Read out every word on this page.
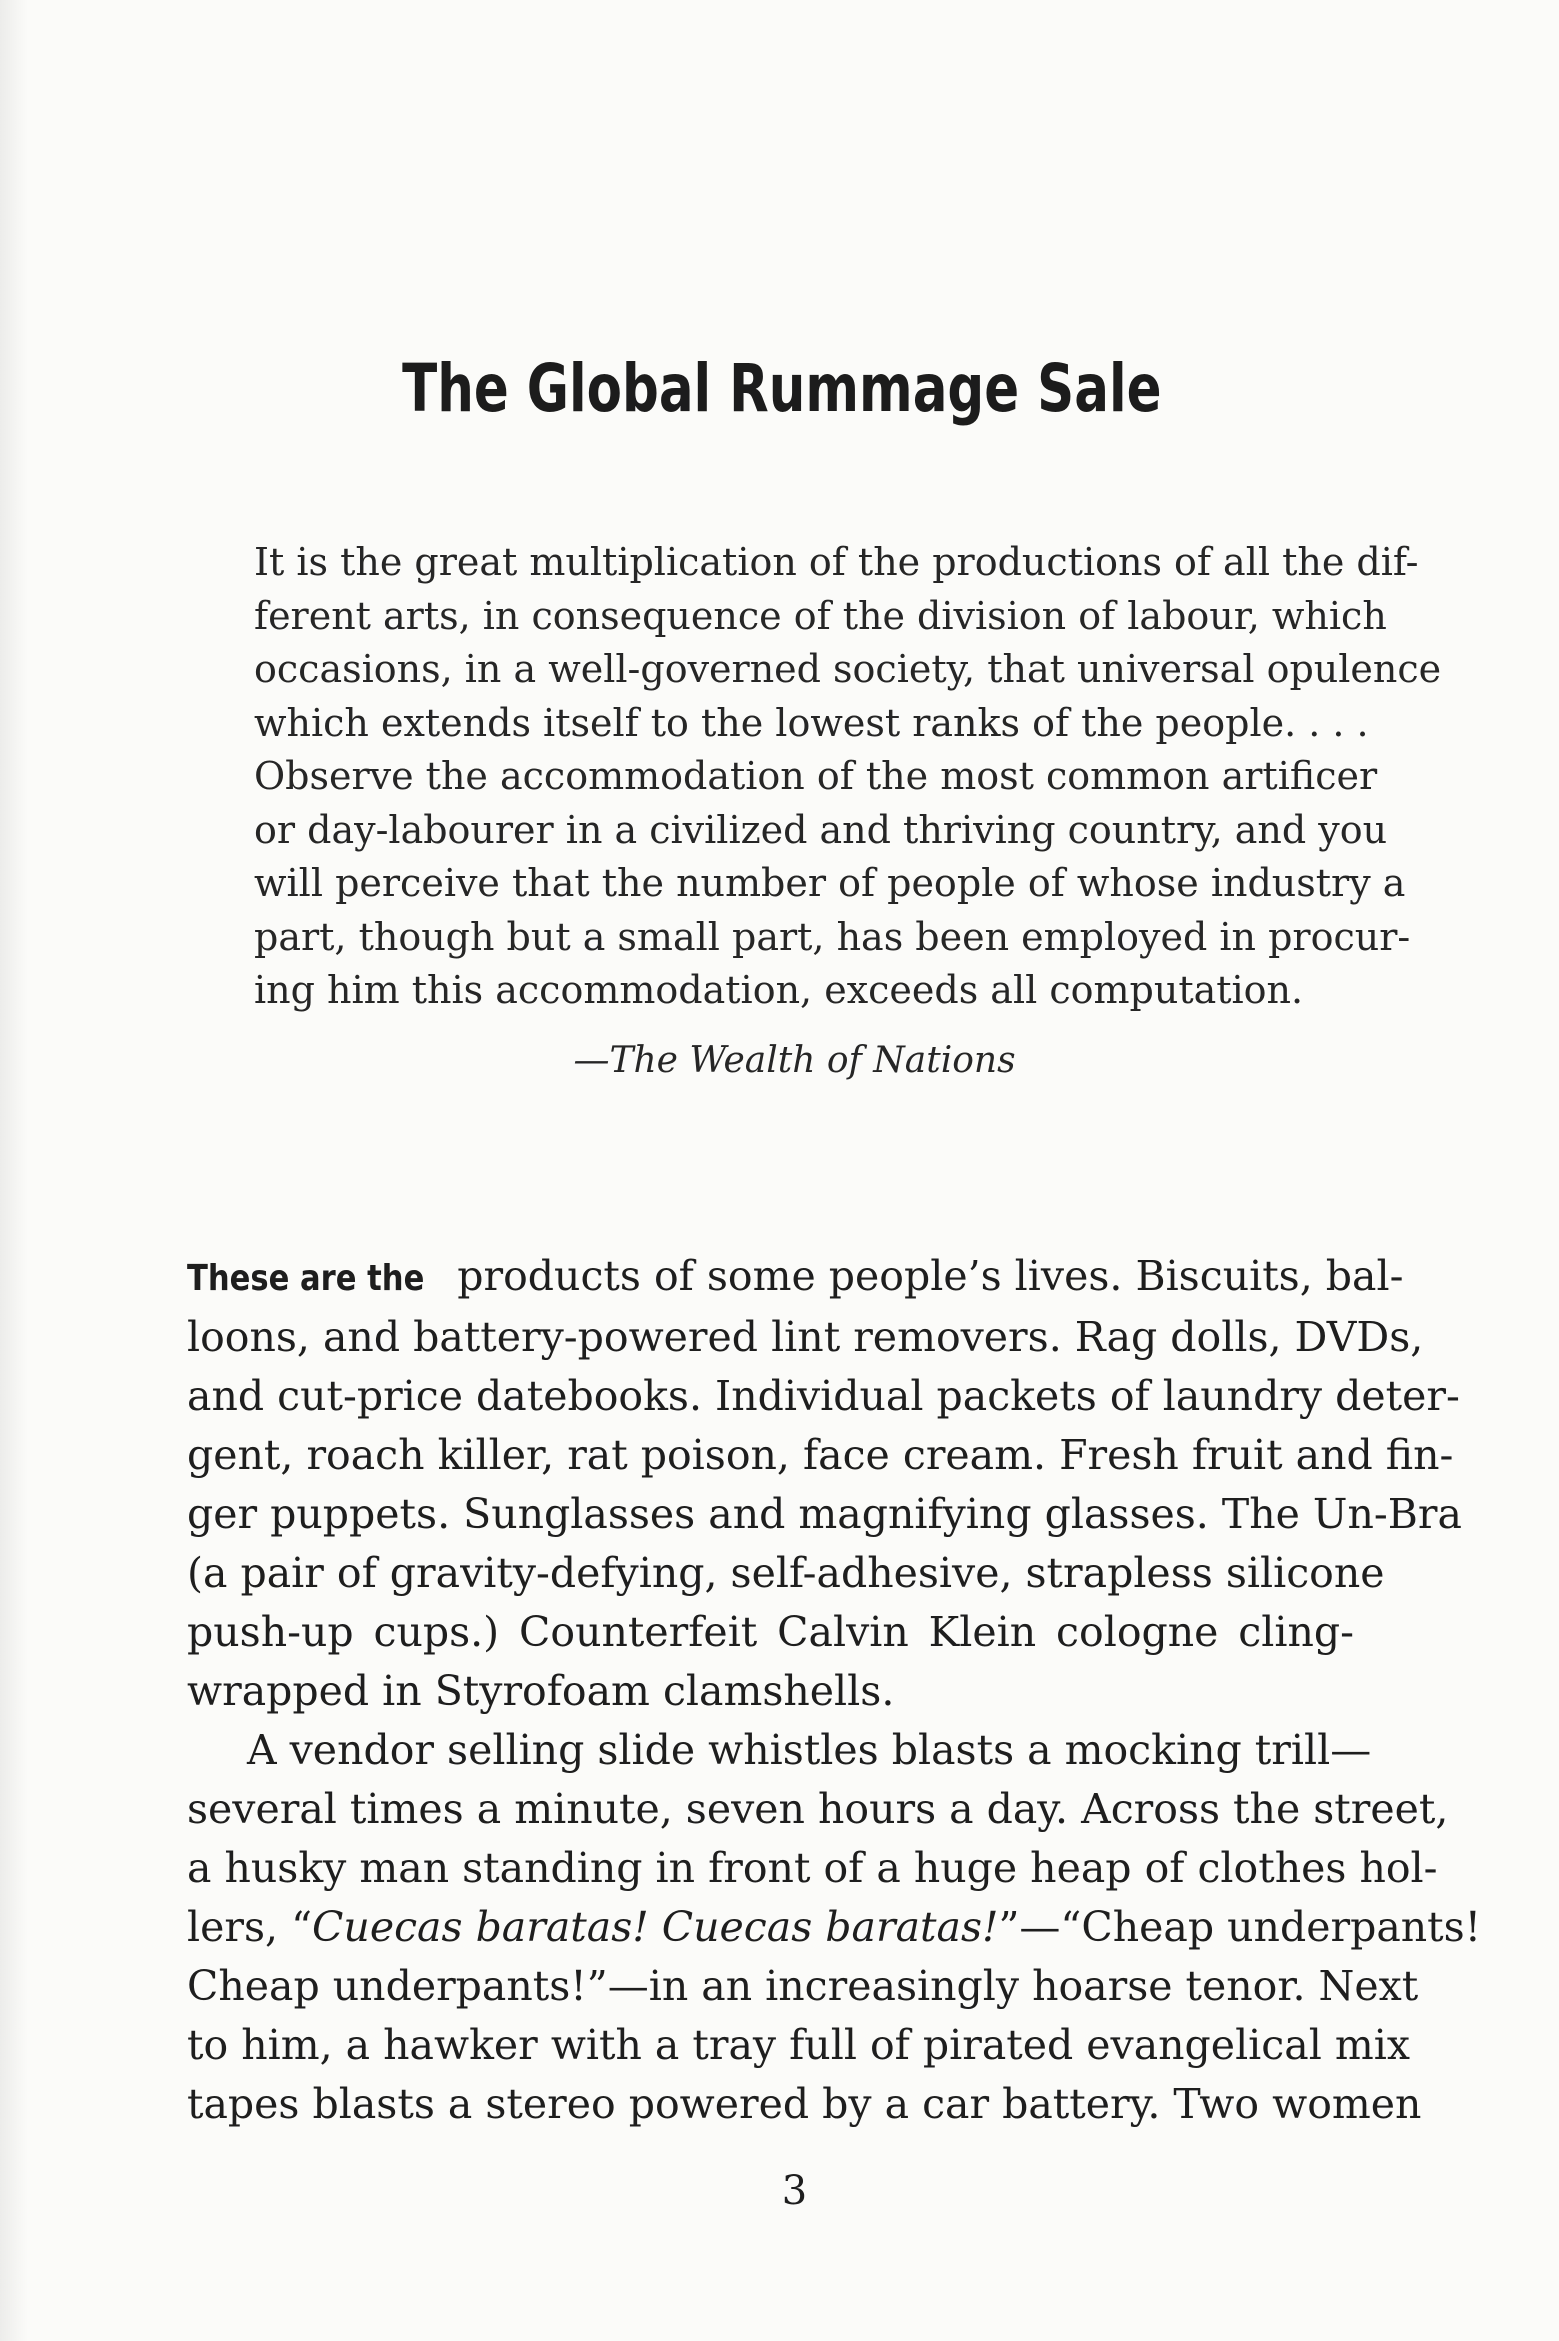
The Global Rummage Sale
It is the great multiplication of the productions of all the dif-
ferent arts, in consequence of the division of labour, which
occasions, in a well-governed society, that universal opulence
which extends itself to the lowest ranks of the people. . . .
Observe the accommodation of the most common artificer
or day-labourer in a civilized and thriving country, and you
will perceive that the number of people of whose industry a
part, though but a small part, has been employed in procur-
ing him this accommodation, exceeds all computation.
—The Wealth of Nations
These are the products of some people’s lives. Biscuits, bal-
loons, and battery-powered lint removers. Rag dolls, DVDs,
and cut-price datebooks. Individual packets of laundry deter-
gent, roach killer, rat poison, face cream. Fresh fruit and fin-
ger puppets. Sunglasses and magnifying glasses. The Un-Bra
(a pair of gravity-defying, self-adhesive, strapless silicone
push-up cups.) Counterfeit Calvin Klein cologne cling-
wrapped in Styrofoam clamshells.
A vendor selling slide whistles blasts a mocking trill—
several times a minute, seven hours a day. Across the street,
a husky man standing in front of a huge heap of clothes hol-
lers, “Cuecas baratas! Cuecas baratas!”—“Cheap underpants!
Cheap underpants!”—in an increasingly hoarse tenor. Next
to him, a hawker with a tray full of pirated evangelical mix
tapes blasts a stereo powered by a car battery. Two women
3
